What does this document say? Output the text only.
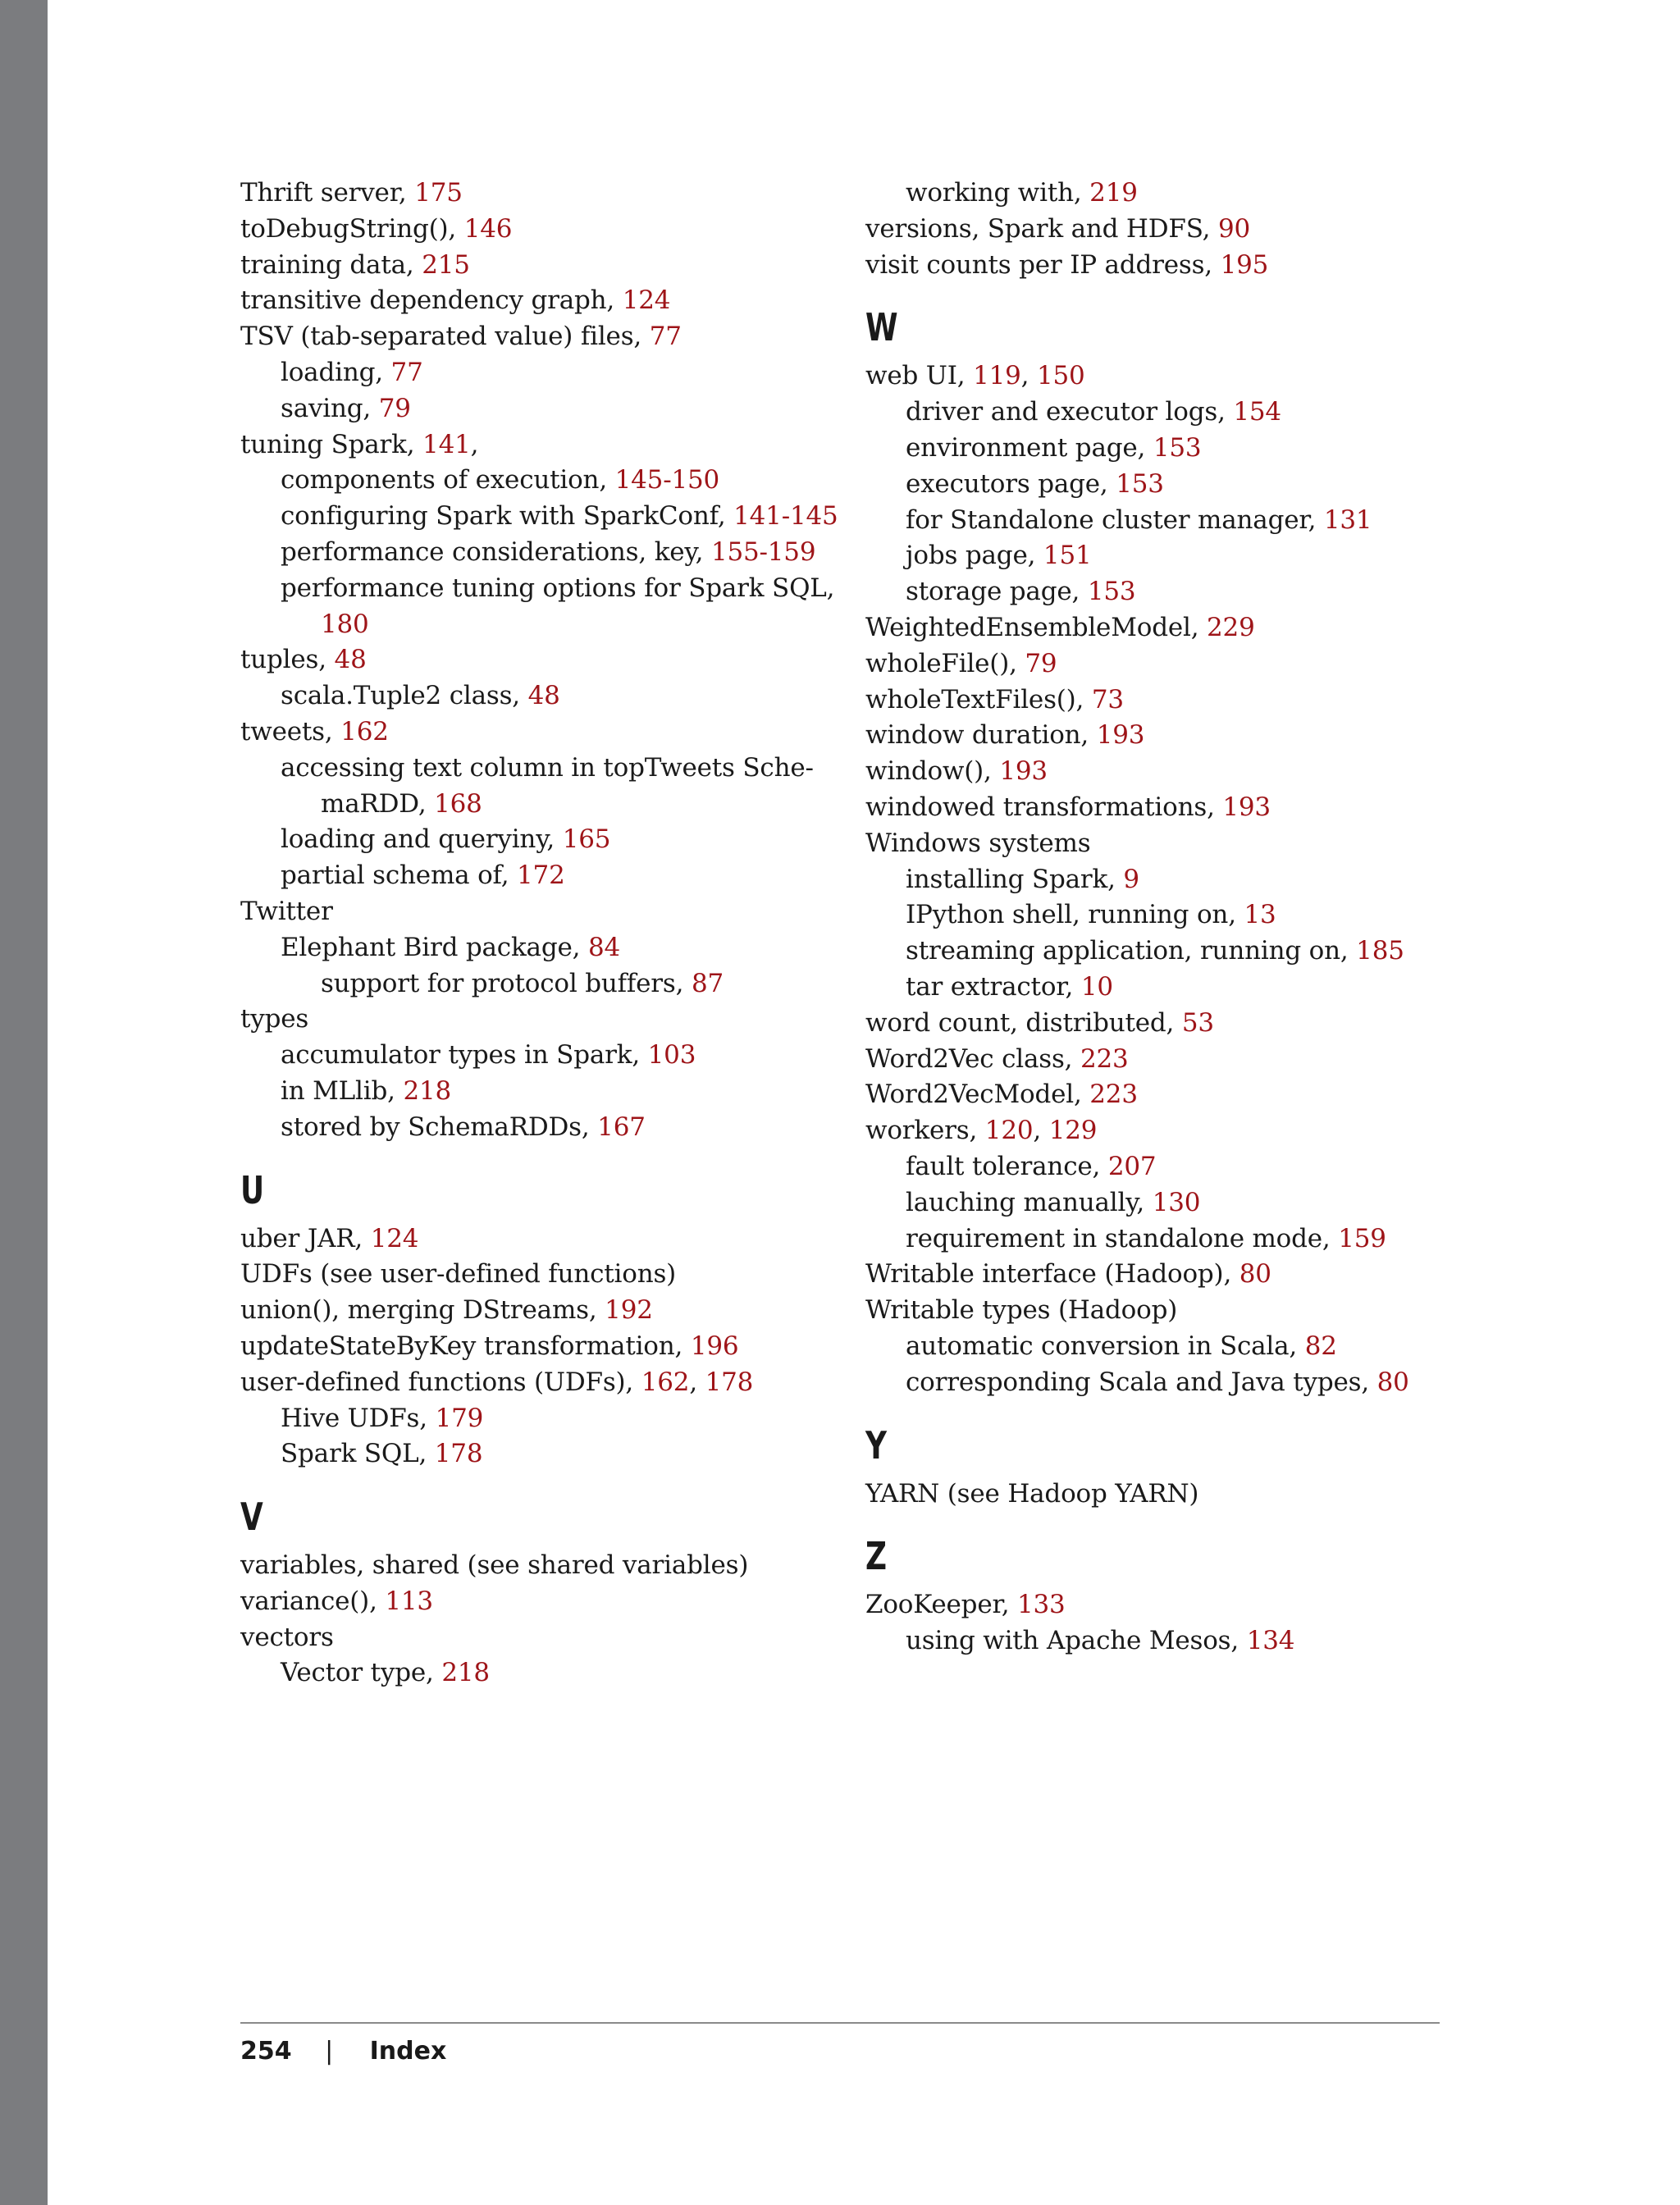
Thrift server, 175
toDebugString(), 146
training data, 215
transitive dependency graph, 124
TSV (tab-separated value) files, 77
loading, 77
saving, 79
tuning Spark, 141,
components of execution, 145-150
configuring Spark with SparkConf, 141-145
performance considerations, key, 155-159
performance tuning options for Spark SQL,
180
tuples, 48
scala.Tuple2 class, 48
tweets, 162
accessing text column in topTweets Sche-
maRDD, 168
loading and queryiny, 165
partial schema of, 172
Twitter
Elephant Bird package, 84
support for protocol buffers, 87
types
accumulator types in Spark, 103
in MLlib, 218
stored by SchemaRDDs, 167
U
uber JAR, 124
UDFs (see user-defined functions)
union(), merging DStreams, 192
updateStateByKey transformation, 196
user-defined functions (UDFs), 162, 178
Hive UDFs, 179
Spark SQL, 178
V
variables, shared (see shared variables)
variance(), 113
vectors
Vector type, 218
working with, 219
versions, Spark and HDFS, 90
visit counts per IP address, 195
W
web UI, 119, 150
driver and executor logs, 154
environment page, 153
executors page, 153
for Standalone cluster manager, 131
jobs page, 151
storage page, 153
WeightedEnsembleModel, 229
wholeFile(), 79
wholeTextFiles(), 73
window duration, 193
window(), 193
windowed transformations, 193
Windows systems
installing Spark, 9
IPython shell, running on, 13
streaming application, running on, 185
tar extractor, 10
word count, distributed, 53
Word2Vec class, 223
Word2VecModel, 223
workers, 120, 129
fault tolerance, 207
lauching manually, 130
requirement in standalone mode, 159
Writable interface (Hadoop), 80
Writable types (Hadoop)
automatic conversion in Scala, 82
corresponding Scala and Java types, 80
Y
YARN (see Hadoop YARN)
Z
ZooKeeper, 133
using with Apache Mesos, 134
254 | Index
